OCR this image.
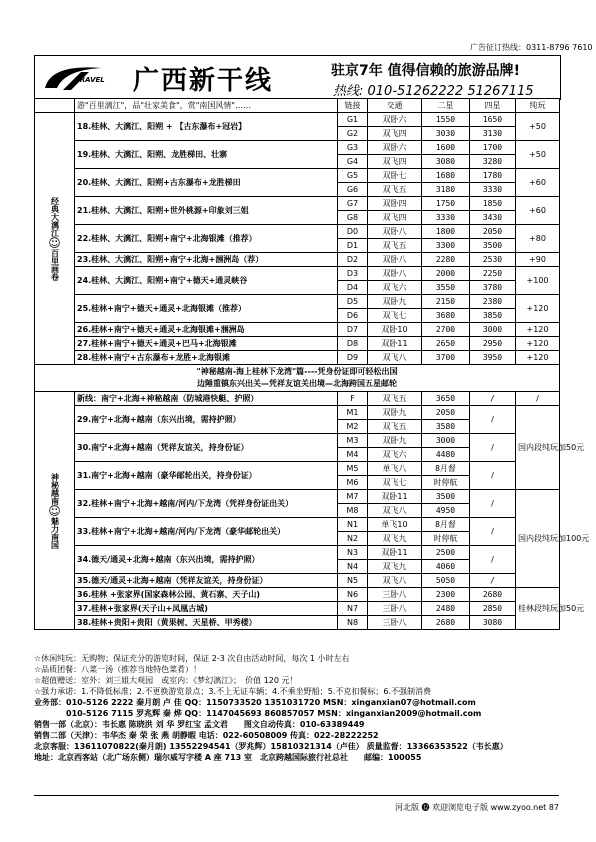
广告征订热线：0311-8796 7610
TRAVEL 广西新干线	驻京7年 值得信赖的旅游品牌!
热线: 010-51262222 51267115
	游"百里漓江"，品"壮家美食"，赏"南国风情"……	链接	交通	二星	四星	纯玩

经典大漓江
☺
百里画卷	18.桂林、大漓江、阳朔 + 【古东瀑布+冠岩】	G1	双卧六	1550	1650	+50
		G2	双飞四	3030	3130	
	19.桂林、大漓江、阳朔、龙胜梯田、壮寨	G3	双卧六	1600	1700	+50
		G4	双飞四	3080	3280	
	20.桂林、大漓江、阳朔+古东瀑布+龙胜梯田	G5	双卧七	1680	1780	+60
		G6	双飞五	3180	3330	
	21.桂林、大漓江、阳朔+世外桃源+印象刘三姐	G7	双卧四	1750	1850	+60
		G8	双飞四	3330	3430	
	22.桂林、大漓江、阳朔+南宁+北海银滩（推荐）	D0	双卧八	1800	2050	+80
		D1	双飞五	3300	3500	
	23.桂林、大漓江、阳朔+南宁+北海+涠洲岛（荐）	D2	双卧八	2280	2530	+90
	24.桂林、大漓江、阳朔+南宁+德天+通灵峡谷	D3	双卧八	2000	2250	+100
		D4	双飞六	3550	3780	
	25.桂林+南宁+德天+通灵+北海银滩（推荐）	D5	双卧九	2150	2380	+120
		D6	双飞七	3680	3850	
	26.桂林+南宁+德天+通灵+北海银滩+涠洲岛	D7	双卧10	2700	3000	+120
	27.桂林+南宁+德天+通灵+巴马+北海银滩	D8	双卧11	2650	2950	+120
	28.桂林+南宁+古东瀑布+龙胜+北海银滩	D9	双飞八	3700	3950	+120

"神秘越南-海上桂林下龙湾"篇----凭身份证即可轻松出国
边陲重镇东兴出关—凭祥友谊关出境—北海跨国五星邮轮						

神秘越南
☺
魅力南国	新线：南宁+北海+神秘越南（防城港快艇、护照）	F	双飞五	3650	/	/
	29.南宁+北海+越南（东兴出境，需持护照）	M1	双卧九	2050	/	国内段纯玩加50元
		M2	双飞五	3580		
	30.南宁+北海+越南（凭祥友谊关，持身份证）	M3	双卧九	3000	/	
		M4	双飞六	4480		
	31.南宁+北海+越南（豪华邮轮出关，持身份证）	M5	单飞八	8月督	/	
		M6	双飞七	时停航		
	32.桂林+南宁+北海+越南/河内/下龙湾（凭祥身份证出关）	M7	双卧11	3500	/	国内段纯玩加100元
		M8	双飞八	4950		
	33.桂林+南宁+北海+越南/河内/下龙湾（豪华邮轮出关）	N1	单飞10	8月督	/	
		N2	双飞九	时停航		
	34.德天/通灵+北海+越南（东兴出境，需持护照）	N3	双卧11	2500	/	
		N4	双飞九	4060		
	35.德天/通灵+北海+越南（凭祥友谊关，持身份证）	N5	双飞八	5050	/	
	36.桂林 +张家界(国家森林公园、黄石寨、天子山)	N6	三卧八	2300	2680	桂林段纯玩加50元
	37.桂林+张家界(天子山+凤凰古城)	N7	三卧八	2480	2850	
	38.桂林+贵阳+贵阳（黄果树、天星桥、甲秀楼）	N8	三卧八	2680	3080	
☆休闲纯玩：无购物；保证充分的游览时间，保证 2-3 次自由活动时间，每次 1 小时左右
☆品质团餐：八菜一汤（推荐当地特色菜肴）！
☆超值赠送：室外：刘三姐大观园　或室内：《梦幻漓江》；　价值 120 元！
☆强力承诺：1.不降低标准；2.不更换游览景点；3.不上无证车辆；4.不乘坐野船；5.不克扣餐标；6.不强制消费
业务部：010-5126 2222 秦月朗 卢 佳 QQ：1150733520 1351031720 MSN：xinganxian07@hotmail.com
　　　　010-5126 7115 罗兆辉 秦 烨 QQ：1147045693 860857057 MSN：xinganxian2009@hotmail.com
销售一部（北京）：韦长惠 陈晓洪 刘 华 罗红宝 孟文君　　图文自动传真：010-63389449
销售二部（天津）：韦华杰 秦 荣 张 燕 胡静暇 电话：022-60508009 传真：022-28222252
北京客服：13611070822(秦月朗) 13552294541（罗兆辉）15810321314（卢佳） 质量监督：13366353522（韦长惠）
地址：北京西客站（北广场东侧）瑞尔威写字楼 A 座 713 室　北京跨越国际旅行社总社　　邮编：100055
河北版 ⓬ 欢迎浏览电子版 www.zyoo.net 87
